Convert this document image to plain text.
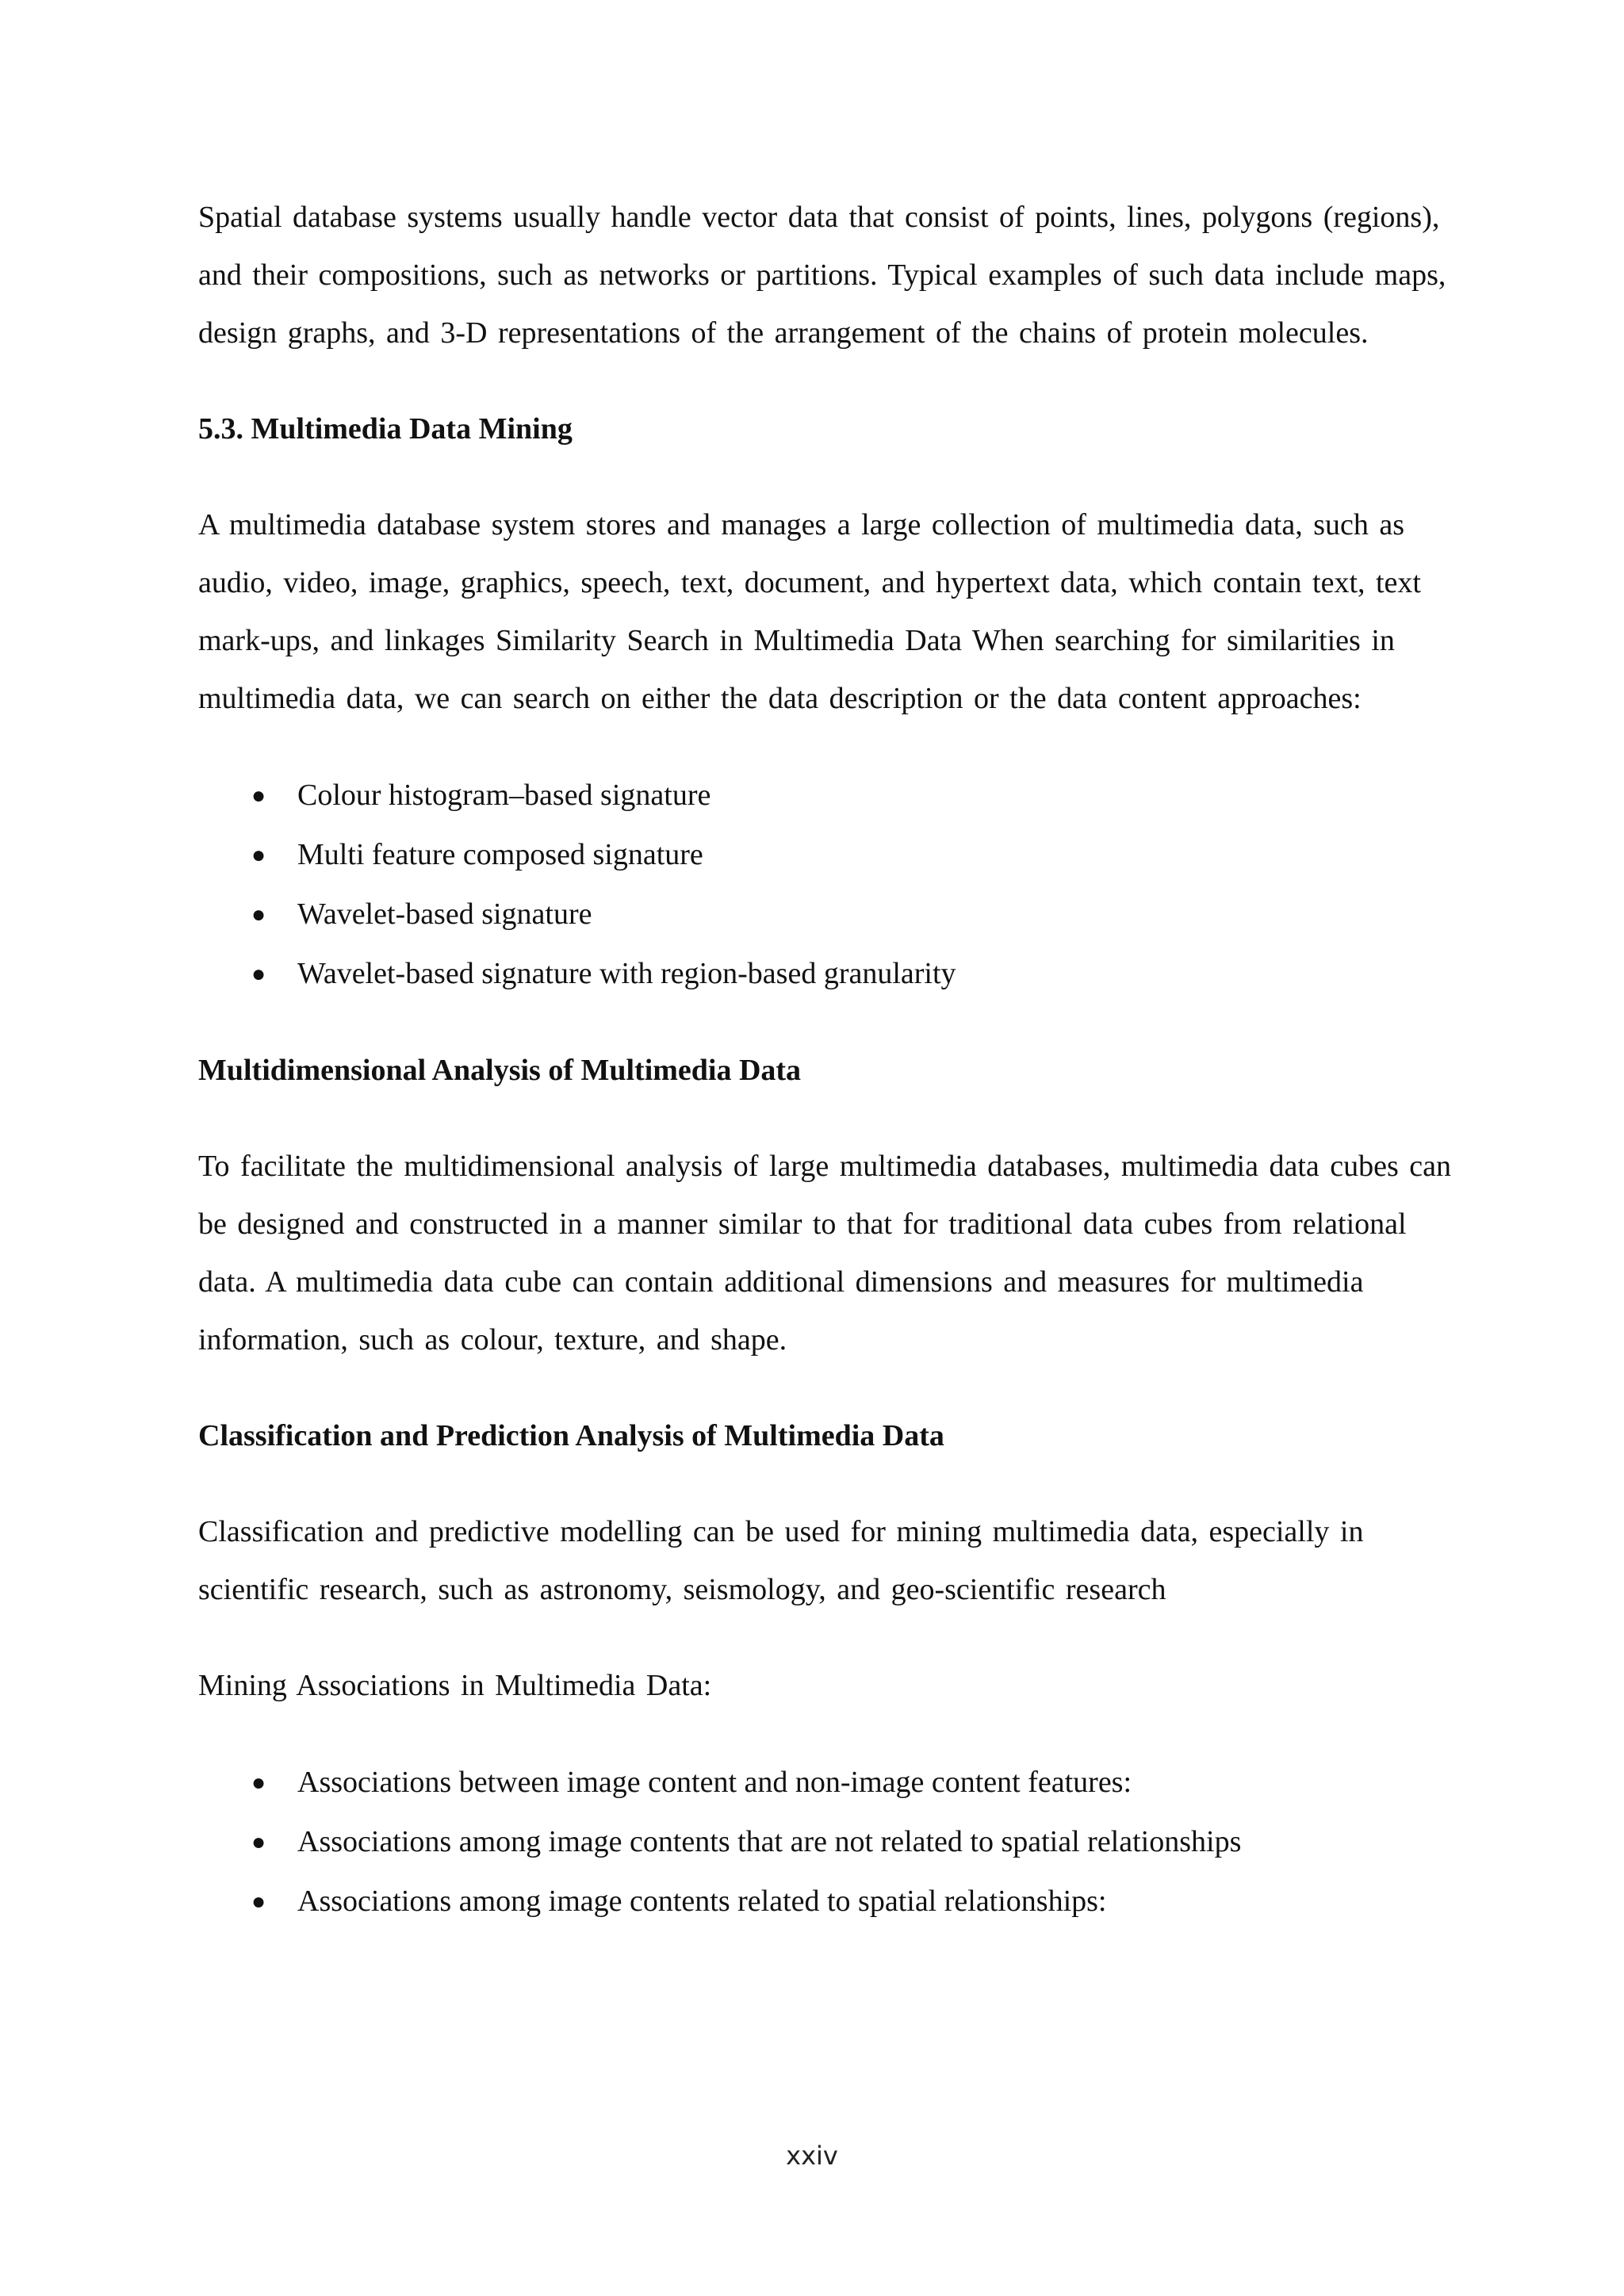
Spatial database systems usually handle vector data that consist of points, lines, polygons (regions), and their compositions, such as networks or partitions. Typical examples of such data include maps, design graphs, and 3-D representations of the arrangement of the chains of protein molecules.

5.3. Multimedia Data Mining

A multimedia database system stores and manages a large collection of multimedia data, such as audio, video, image, graphics, speech, text, document, and hypertext data, which contain text, text mark-ups, and linkages Similarity Search in Multimedia Data When searching for similarities in multimedia data, we can search on either the data description or the data content approaches:

● Colour histogram–based signature
● Multi feature composed signature
● Wavelet-based signature
● Wavelet-based signature with region-based granularity
Multidimensional Analysis of Multimedia Data

To facilitate the multidimensional analysis of large multimedia databases, multimedia data cubes can be designed and constructed in a manner similar to that for traditional data cubes from relational data. A multimedia data cube can contain additional dimensions and measures for multimedia information, such as colour, texture, and shape.

Classification and Prediction Analysis of Multimedia Data

Classification and predictive modelling can be used for mining multimedia data, especially in scientific research, such as astronomy, seismology, and geo-scientific research

Mining Associations in Multimedia Data:

● Associations between image content and non-image content features:
● Associations among image contents that are not related to spatial relationships
● Associations among image contents related to spatial relationships:
xxiv
